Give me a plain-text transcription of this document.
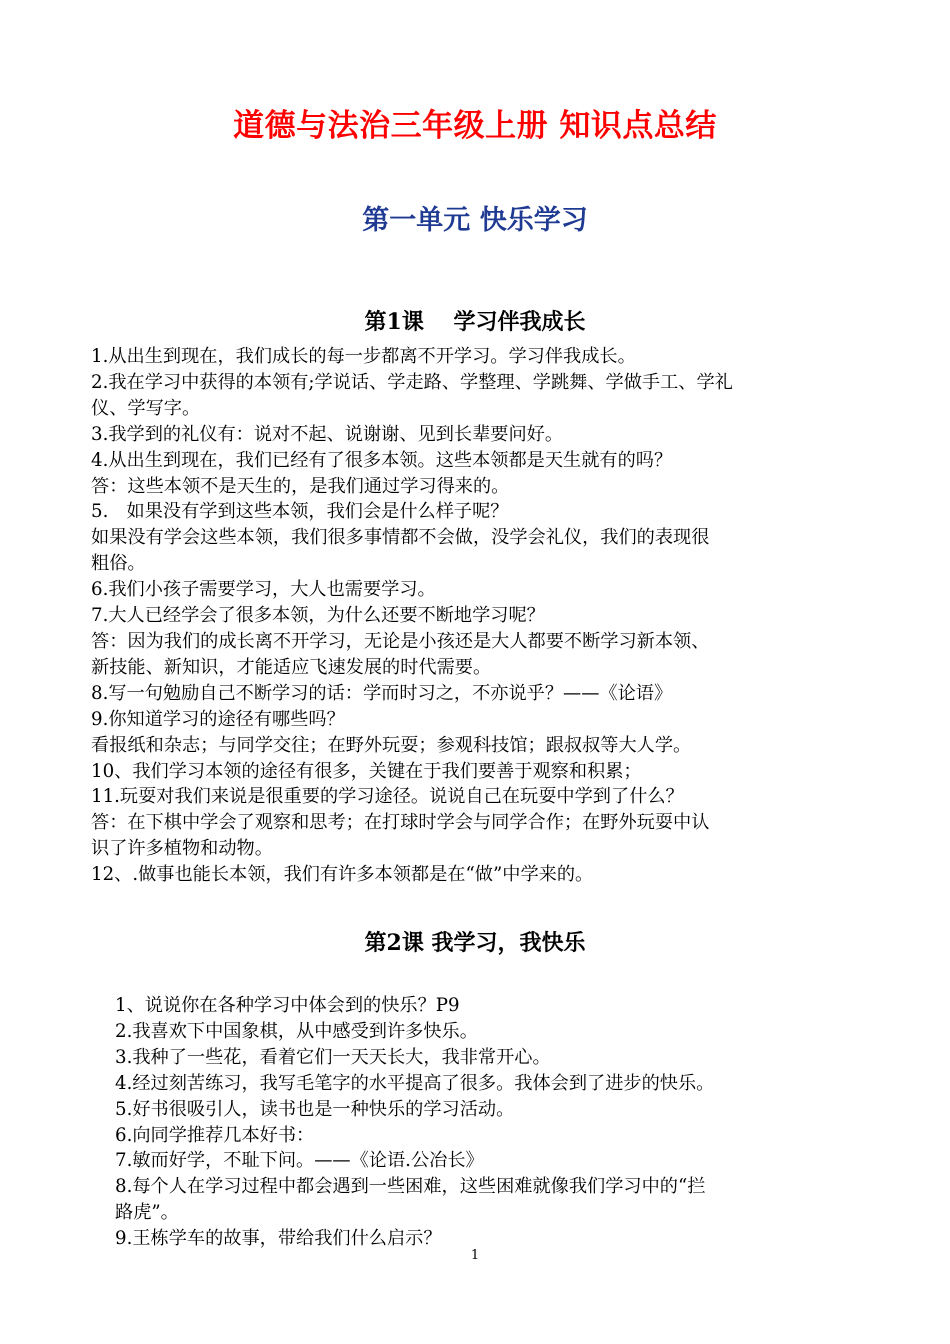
道德与法治三年级上册 知识点总结
第一单元 快乐学习
第1课　 学习伴我成长
1.从出生到现在，我们成长的每一步都离不开学习。学习伴我成长。
2.我在学习中获得的本领有;学说话、学走路、学整理、学跳舞、学做手工、学礼
仪、学写字。
3.我学到的礼仪有：说对不起、说谢谢、见到长辈要问好。
4.从出生到现在，我们已经有了很多本领。这些本领都是天生就有的吗？
答：这些本领不是天生的，是我们通过学习得来的。
5.　如果没有学到这些本领，我们会是什么样子呢？
如果没有学会这些本领，我们很多事情都不会做，没学会礼仪，我们的表现很
粗俗。
6.我们小孩子需要学习，大人也需要学习。
7.大人已经学会了很多本领，为什么还要不断地学习呢？
答：因为我们的成长离不开学习，无论是小孩还是大人都要不断学习新本领、
新技能、新知识，才能适应飞速发展的时代需要。
8.写一句勉励自己不断学习的话：学而时习之，不亦说乎？——《论语》
9.你知道学习的途径有哪些吗？
看报纸和杂志；与同学交往；在野外玩耍；参观科技馆；跟叔叔等大人学。
10、我们学习本领的途径有很多，关键在于我们要善于观察和积累；
11.玩耍对我们来说是很重要的学习途径。说说自己在玩耍中学到了什么？
答：在下棋中学会了观察和思考；在打球时学会与同学合作；在野外玩耍中认
识了许多植物和动物。
12、.做事也能长本领，我们有许多本领都是在“做”中学来的。
第2课 我学习，我快乐
1、说说你在各种学习中体会到的快乐？P9
2.我喜欢下中国象棋，从中感受到许多快乐。
3.我种了一些花，看着它们一天天长大，我非常开心。
4.经过刻苦练习，我写毛笔字的水平提高了很多。我体会到了进步的快乐。
5.好书很吸引人，读书也是一种快乐的学习活动。
6.向同学推荐几本好书：
7.敏而好学，不耻下问。——《论语.公冶长》
8.每个人在学习过程中都会遇到一些困难，这些困难就像我们学习中的“拦
路虎”。
9.王栋学车的故事，带给我们什么启示？
1
